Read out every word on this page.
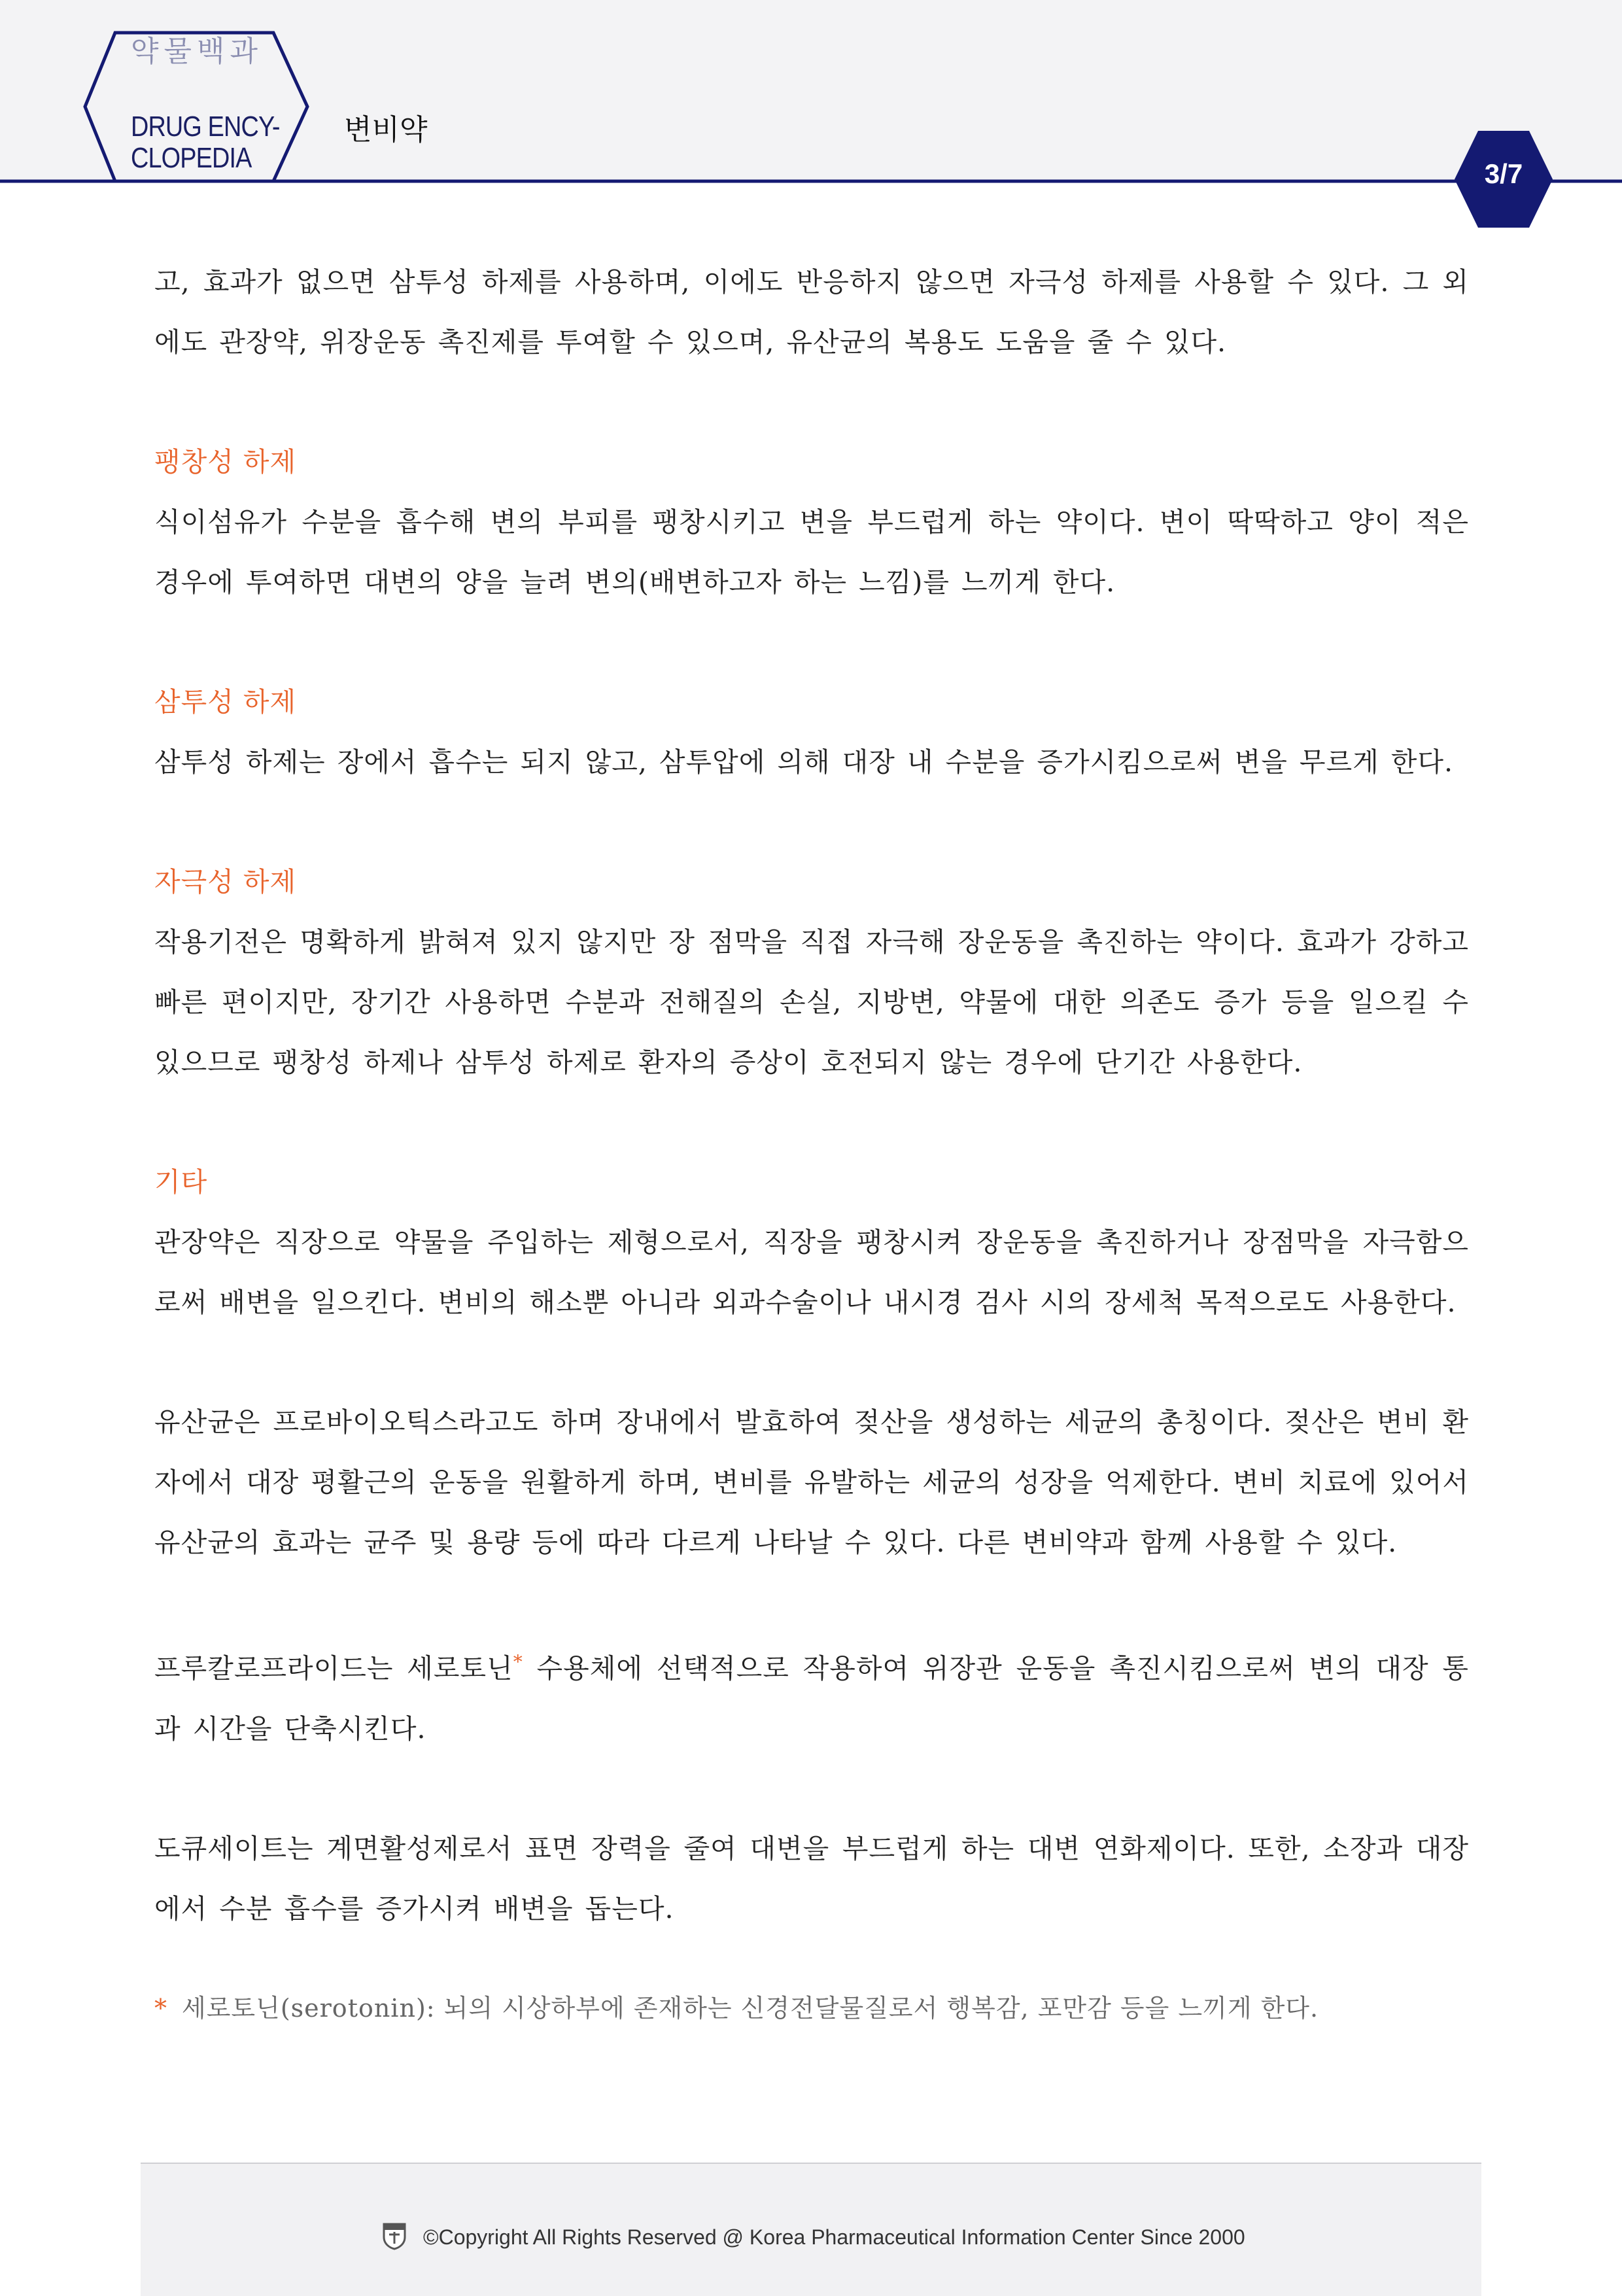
약물백과
DRUG ENCY-
CLOPEDIA
변비약
3/7

고, 효과가 없으면 삼투성 하제를 사용하며, 이에도 반응하지 않으면 자극성 하제를 사용할 수 있다. 그 외에도 관장약, 위장운동 촉진제를 투여할 수 있으며, 유산균의 복용도 도움을 줄 수 있다.

팽창성 하제

식이섬유가 수분을 흡수해 변의 부피를 팽창시키고 변을 부드럽게 하는 약이다. 변이 딱딱하고 양이 적은 경우에 투여하면 대변의 양을 늘려 변의(배변하고자 하는 느낌)를 느끼게 한다.

삼투성 하제

삼투성 하제는 장에서 흡수는 되지 않고, 삼투압에 의해 대장 내 수분을 증가시킴으로써 변을 무르게 한다.

자극성 하제

작용기전은 명확하게 밝혀져 있지 않지만 장 점막을 직접 자극해 장운동을 촉진하는 약이다. 효과가 강하고 빠른 편이지만, 장기간 사용하면 수분과 전해질의 손실, 지방변, 약물에 대한 의존도 증가 등을 일으킬 수 있으므로 팽창성 하제나 삼투성 하제로 환자의 증상이 호전되지 않는 경우에 단기간 사용한다.

기타

관장약은 직장으로 약물을 주입하는 제형으로서, 직장을 팽창시켜 장운동을 촉진하거나 장점막을 자극함으로써 배변을 일으킨다. 변비의 해소뿐 아니라 외과수술이나 내시경 검사 시의 장세척 목적으로도 사용한다.

유산균은 프로바이오틱스라고도 하며 장내에서 발효하여 젖산을 생성하는 세균의 총칭이다. 젖산은 변비 환자에서 대장 평활근의 운동을 원활하게 하며, 변비를 유발하는 세균의 성장을 억제한다. 변비 치료에 있어서 유산균의 효과는 균주 및 용량 등에 따라 다르게 나타날 수 있다. 다른 변비약과 함께 사용할 수 있다.

프루칼로프라이드는 세로토닌* 수용체에 선택적으로 작용하여 위장관 운동을 촉진시킴으로써 변의 대장 통과 시간을 단축시킨다.

도큐세이트는 계면활성제로서 표면 장력을 줄여 대변을 부드럽게 하는 대변 연화제이다. 또한, 소장과 대장에서 수분 흡수를 증가시켜 배변을 돕는다.

* 세로토닌(serotonin): 뇌의 시상하부에 존재하는 신경전달물질로서 행복감, 포만감 등을 느끼게 한다.

©Copyright All Rights Reserved @ Korea Pharmaceutical Information Center Since 2000
